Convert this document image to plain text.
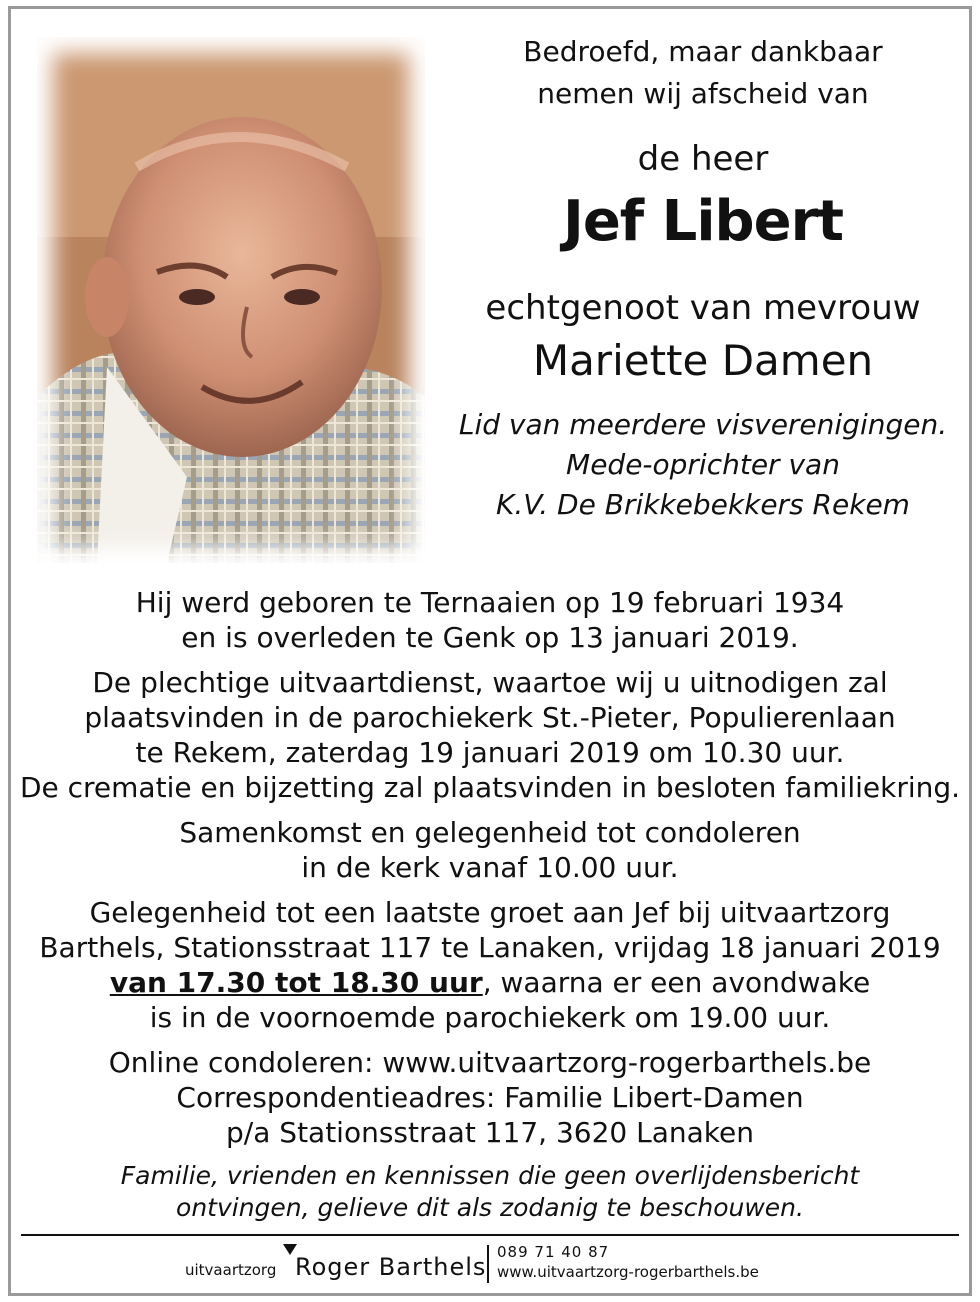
Bedroefd, maar dankbaar
nemen wij afscheid van
de heer
Jef Libert
echtgenoot van mevrouw
Mariette Damen
Lid van meerdere visverenigingen.
Mede-oprichter van
K.V. De Brikkebekkers Rekem
Hij werd geboren te Ternaaien op 19 februari 1934
en is overleden te Genk op 13 januari 2019.
De plechtige uitvaartdienst, waartoe wij u uitnodigen zal
plaatsvinden in de parochiekerk St.-Pieter, Populierenlaan
te Rekem, zaterdag 19 januari 2019 om 10.30 uur.
De crematie en bijzetting zal plaatsvinden in besloten familiekring.
Samenkomst en gelegenheid tot condoleren
in de kerk vanaf 10.00 uur.
Gelegenheid tot een laatste groet aan Jef bij uitvaartzorg
Barthels, Stationsstraat 117 te Lanaken, vrijdag 18 januari 2019
van 17.30 tot 18.30 uur, waarna er een avondwake
is in de voornoemde parochiekerk om 19.00 uur.
Online condoleren: www.uitvaartzorg-rogerbarthels.be
Correspondentieadres: Familie Libert-Damen
p/a Stationsstraat 117, 3620 Lanaken
Familie, vrienden en kennissen die geen overlijdensbericht
ontvingen, gelieve dit als zodanig te beschouwen.
uitvaartzorg Roger Barthels
089 71 40 87
www.uitvaartzorg-rogerbarthels.be
